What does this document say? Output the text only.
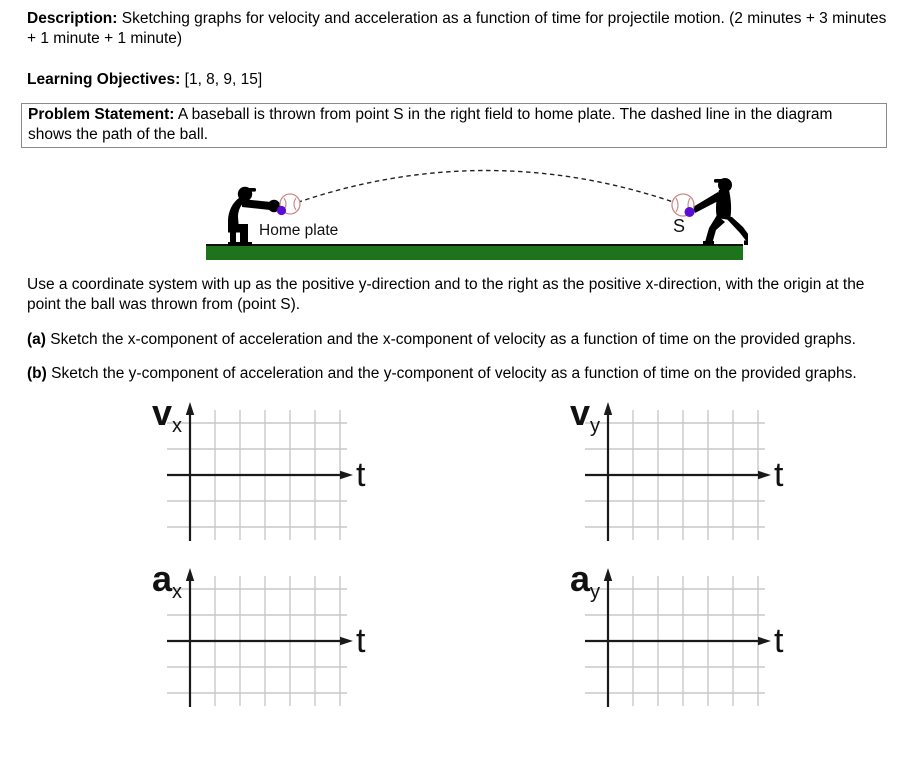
Description: Sketching graphs for velocity and acceleration as a function of time for projectile motion. (2 minutes + 3 minutes + 1 minute + 1 minute)

Learning Objectives: [1, 8, 9, 15]

Problem Statement: A baseball is thrown from point S in the right field to home plate. The dashed line in the diagram shows the path of the ball.
Home plate	S

Use a coordinate system with up as the positive y-direction and to the right as the positive x-direction, with the origin at the point the ball was thrown from (point S).

(a) Sketch the x-component of acceleration and the x-component of velocity as a function of time on the provided graphs.

(b) Sketch the y-component of acceleration and the y-component of velocity as a function of time on the provided graphs.

v x
t
v y
t
a x
t
a y
t
